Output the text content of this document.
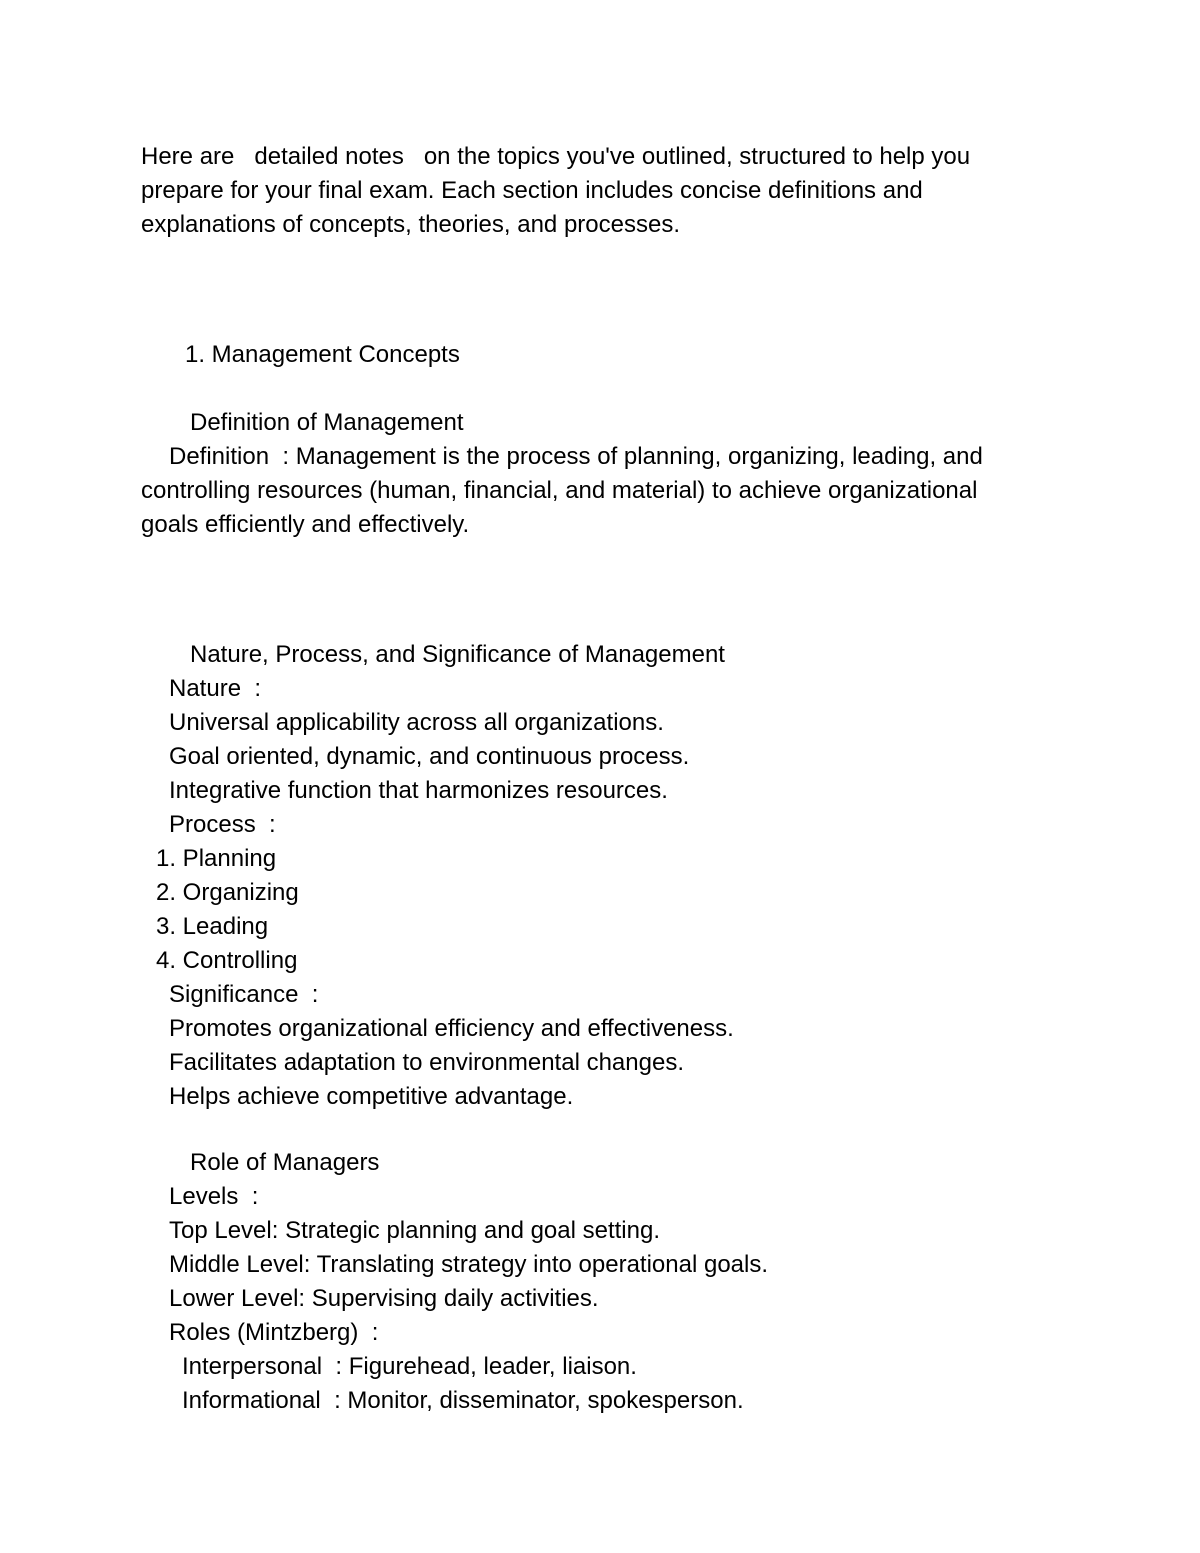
Here are   detailed notes   on the topics you've outlined, structured to help you

prepare for your final exam. Each section includes concise definitions and

explanations of concepts, theories, and processes.

1. Management Concepts

Definition of Management

Definition  : Management is the process of planning, organizing, leading, and

controlling resources (human, financial, and material) to achieve organizational

goals efficiently and effectively.

Nature, Process, and Significance of Management

Nature  :

Universal applicability across all organizations.

Goal oriented, dynamic, and continuous process.

Integrative function that harmonizes resources.

Process  :

1. Planning

2. Organizing

3. Leading

4. Controlling

Significance  :

Promotes organizational efficiency and effectiveness.

Facilitates adaptation to environmental changes.

Helps achieve competitive advantage.

Role of Managers

Levels  :

Top Level: Strategic planning and goal setting.

Middle Level: Translating strategy into operational goals.

Lower Level: Supervising daily activities.

Roles (Mintzberg)  :

Interpersonal  : Figurehead, leader, liaison.

Informational  : Monitor, disseminator, spokesperson.
